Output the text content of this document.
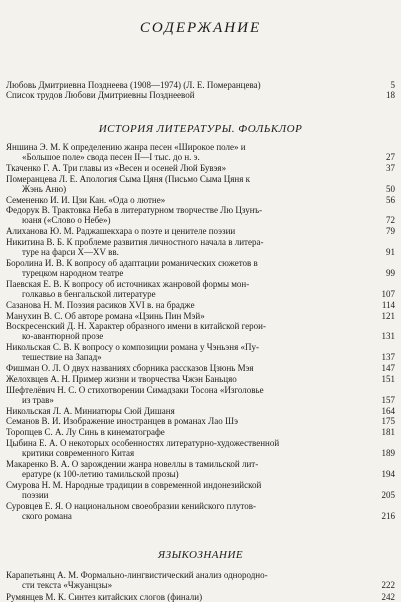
СОДЕРЖАНИЕ
ИСТОРИЯ ЛИТЕРАТУРЫ. ФОЛЬКЛОР
ЯЗЫКОЗНАНИЕ
Любовь Дмитриевна Позднеева (1908—1974) (Л. Е. Померанцева)	5
Список трудов Любови Дмитриевны Позднеевой	18
Яншина Э. М. К определению жанра песен «Широкое поле» и
«Большое поле» свода песен II—I тыс. до н. э.	27
Ткаченко Г. А. Три главы из «Весен и осеней Люй Бувэя»	37
Померанцева Л. Е. Апология Сыма Цяня (Письмо Сыма Цяня к
Жэнь Аню)	50
Семененко И. И. Цзи Кан. «Ода о лютне»	56
Федорук В. Трактовка Неба в литературном творчестве Лю Цзунъ-
юаня («Слово о Небе»)	72
Алиханова Ю. М. Раджашекхара о поэте и ценителе поэзии	79
Никитина В. Б. К проблеме развития личностного начала в литера-
туре на фарси X—XV вв.	91
Боролина И. В. К вопросу об адаптации романических сюжетов в
турецком народном театре	99
Паевская Е. В. К вопросу об источниках жанровой формы мон-
голкавьо в бенгальской литературе	107
Сазанова Н. М. Поэзия расиков XVI в. на браджe	114
Манухин В. С. Об авторе романа «Цзинь Пин Мэй»	121
Воскресенский Д. Н. Характер образного имени в китайской герои-
ко-авантюрной прозе	131
Никольская С. В. К вопросу о композиции романа у Чэньэня «Пу-
тешествие на Запад»	137
Фишман О. Л. О двух названиях сборника рассказов Цзюнь Мэя	147
Желохвцев А. Н. Пример жизни и творчества Чжэн Баньцяо	151
Шефтелёвич Н. С. О стихотворении Симадзаки Тосона «Изголовье
из трав»	157
Никольская Л. А. Миниатюры Сюй Дишаня	164
Семанов В. И. Изображение иностранцев в романах Лао Шэ	175
Торопцев С. А. Лу Синь в кинематографе	181
Цыбина Е. А. О некоторых особенностях литературно-художественной
критики современного Китая	189
Макаренко В. А. О зарождении жанра новеллы в тамильской лит-
ературе (к 100-летию тамильской прозы)	194
Смурова Н. М. Народные традиции в современной индонезийской
поэзии	205
Суровцев Е. Я. О национальном своеобразии кенийского плутов-
ского романа	216
Карапетьянц А. М. Формально-лингвистический анализ однородно-
сти текста «Чжуанцзы»	222
Румянцев М. К. Синтез китайских слогов (финали)	242
